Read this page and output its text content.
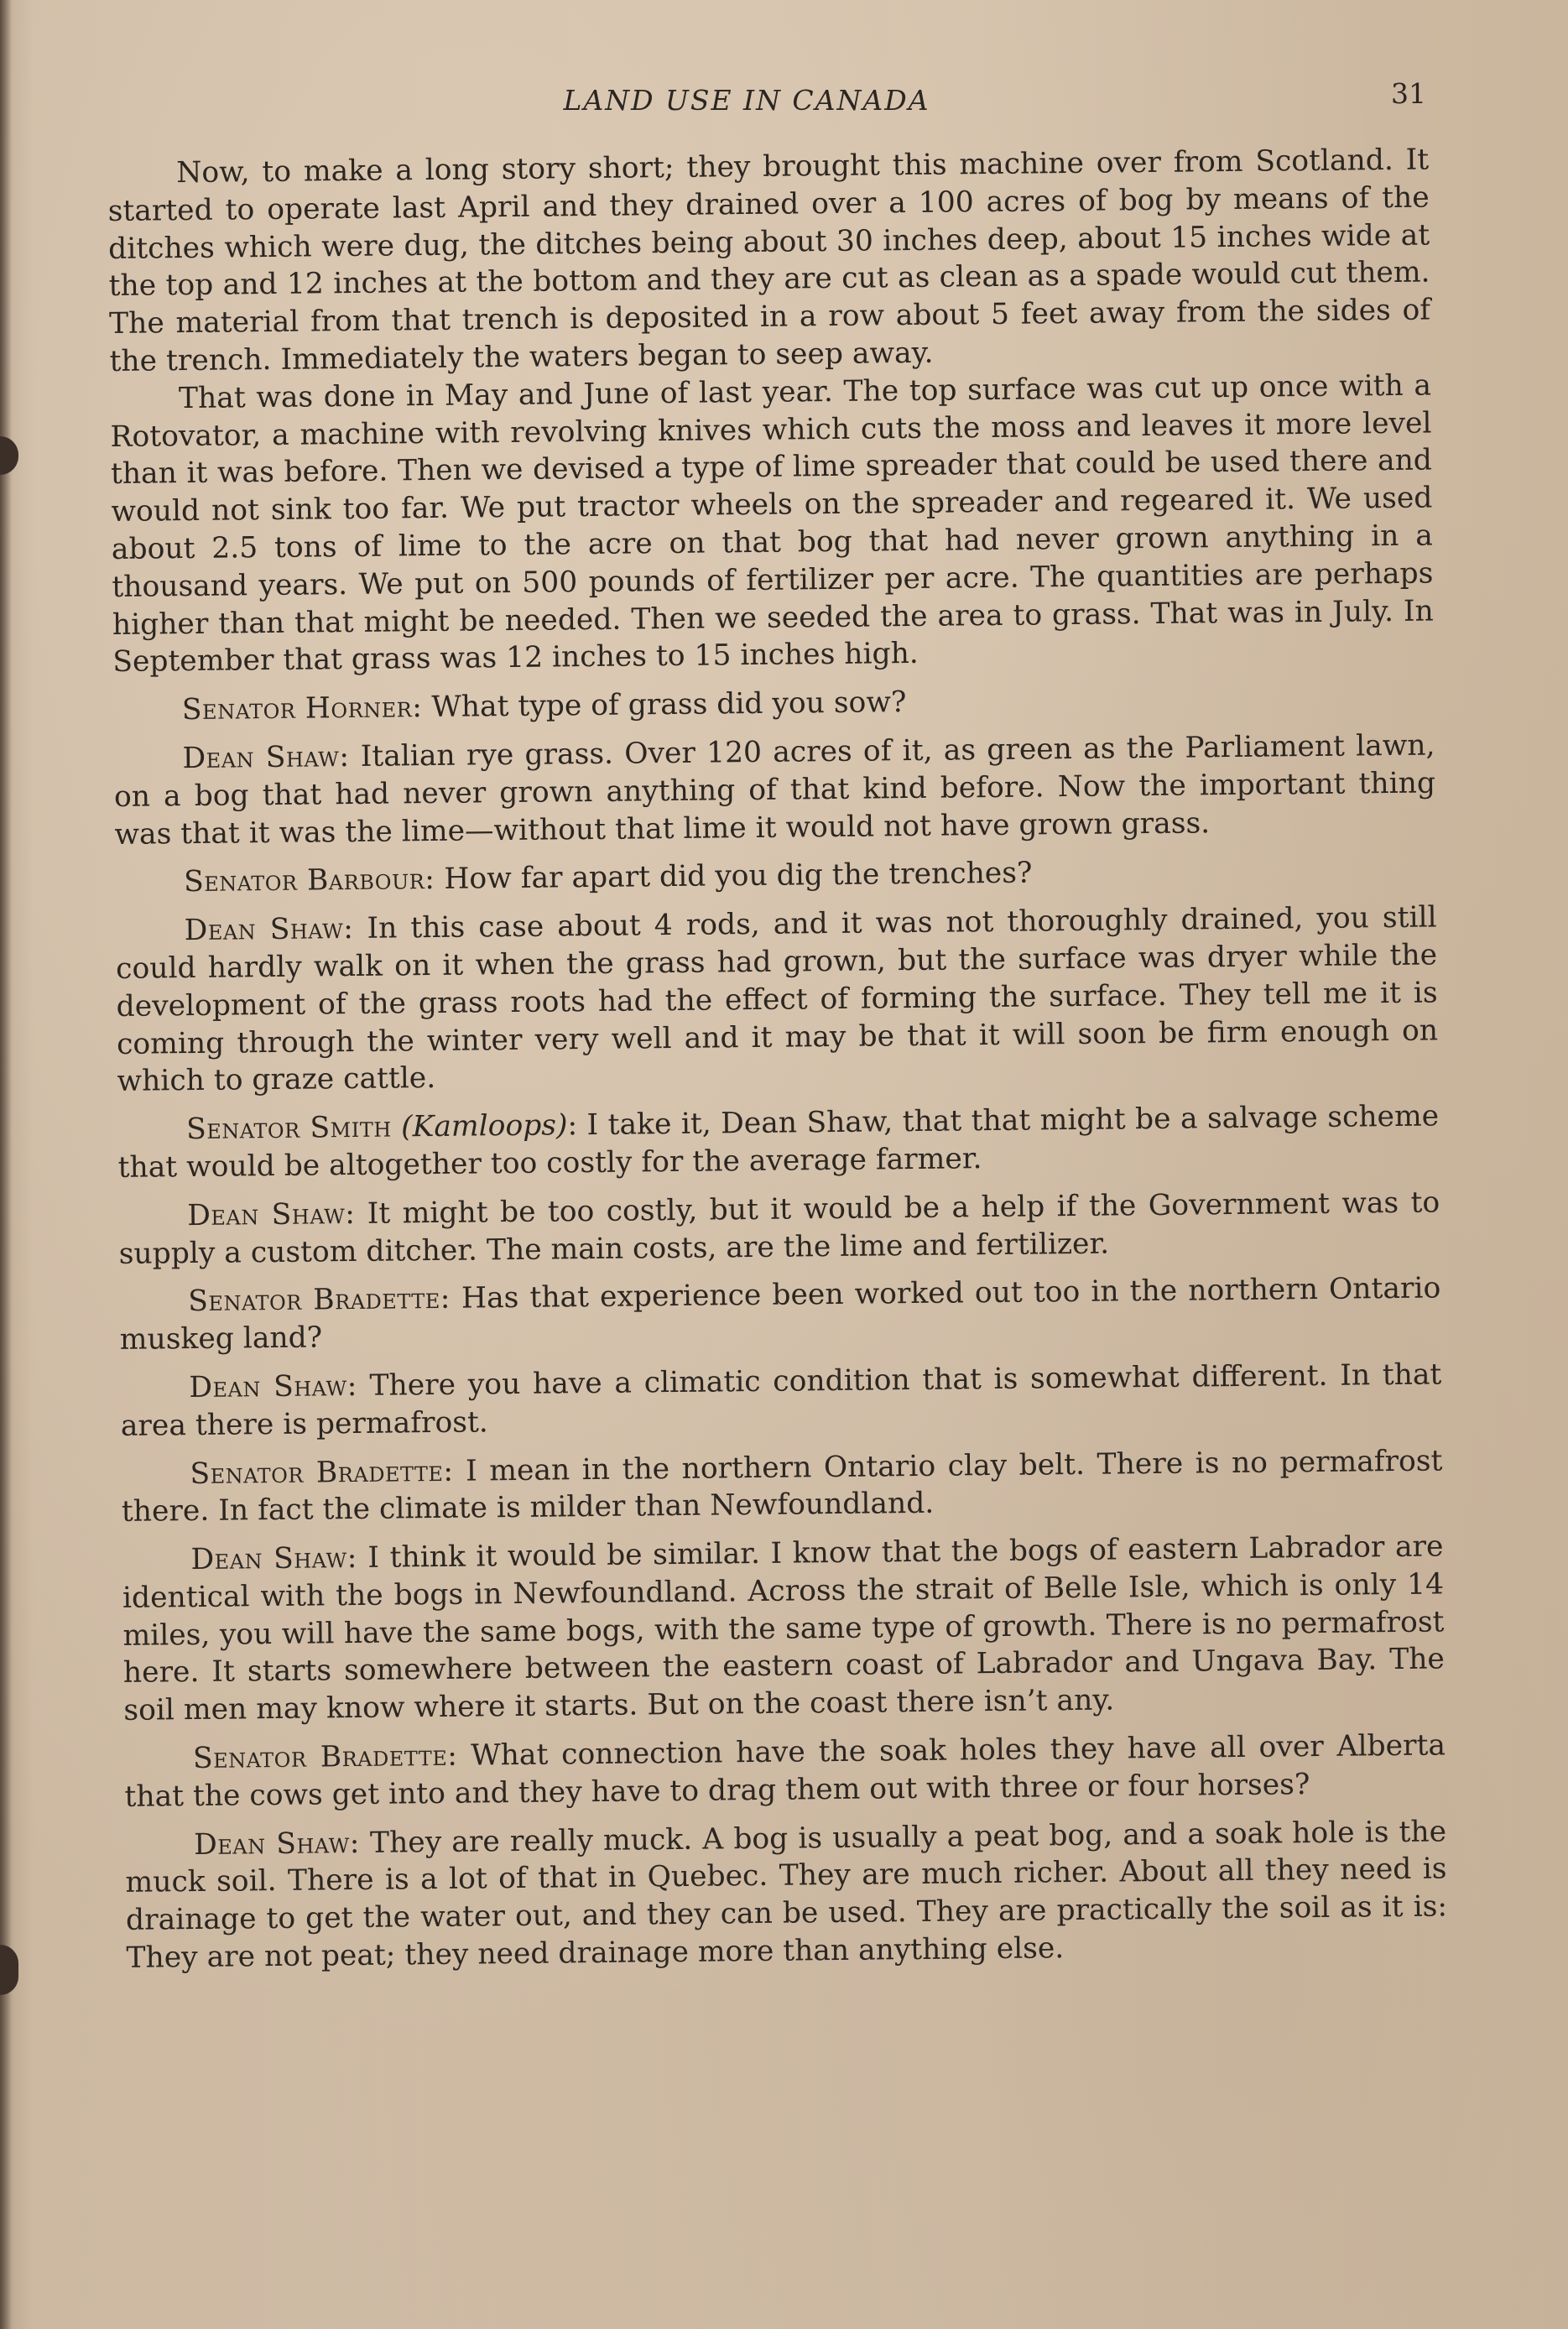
LAND USE IN CANADA	31

Now, to make a long story short; they brought this machine over from Scotland. It started to operate last April and they drained over a 100 acres of bog by means of the ditches which were dug, the ditches being about 30 inches deep, about 15 inches wide at the top and 12 inches at the bottom and they are cut as clean as a spade would cut them. The material from that trench is deposited in a row about 5 feet away from the sides of the trench. Immediately the waters began to seep away.

That was done in May and June of last year. The top surface was cut up once with a Rotovator, a machine with revolving knives which cuts the moss and leaves it more level than it was before. Then we devised a type of lime spreader that could be used there and would not sink too far. We put tractor wheels on the spreader and regeared it. We used about 2.5 tons of lime to the acre on that bog that had never grown anything in a thousand years. We put on 500 pounds of fertilizer per acre. The quantities are perhaps higher than that might be needed. Then we seeded the area to grass. That was in July. In September that grass was 12 inches to 15 inches high.

Senator Horner: What type of grass did you sow?

Dean Shaw: Italian rye grass. Over 120 acres of it, as green as the Parliament lawn, on a bog that had never grown anything of that kind before. Now the important thing was that it was the lime—without that lime it would not have grown grass.

Senator Barbour: How far apart did you dig the trenches?

Dean Shaw: In this case about 4 rods, and it was not thoroughly drained, you still could hardly walk on it when the grass had grown, but the surface was dryer while the development of the grass roots had the effect of forming the surface. They tell me it is coming through the winter very well and it may be that it will soon be firm enough on which to graze cattle.

Senator Smith (Kamloops): I take it, Dean Shaw, that that might be a salvage scheme that would be altogether too costly for the average farmer.

Dean Shaw: It might be too costly, but it would be a help if the Government was to supply a custom ditcher. The main costs, are the lime and fertilizer.

Senator Bradette: Has that experience been worked out too in the northern Ontario muskeg land?

Dean Shaw: There you have a climatic condition that is somewhat different. In that area there is permafrost.

Senator Bradette: I mean in the northern Ontario clay belt. There is no permafrost there. In fact the climate is milder than Newfoundland.

Dean Shaw: I think it would be similar. I know that the bogs of eastern Labrador are identical with the bogs in Newfoundland. Across the strait of Belle Isle, which is only 14 miles, you will have the same bogs, with the same type of growth. There is no permafrost here. It starts somewhere between the eastern coast of Labrador and Ungava Bay. The soil men may know where it starts. But on the coast there isn’t any.

Senator Bradette: What connection have the soak holes they have all over Alberta that the cows get into and they have to drag them out with three or four horses?

Dean Shaw: They are really muck. A bog is usually a peat bog, and a soak hole is the muck soil. There is a lot of that in Quebec. They are much richer. About all they need is drainage to get the water out, and they can be used. They are practically the soil as it is: They are not peat; they need drainage more than anything else.
